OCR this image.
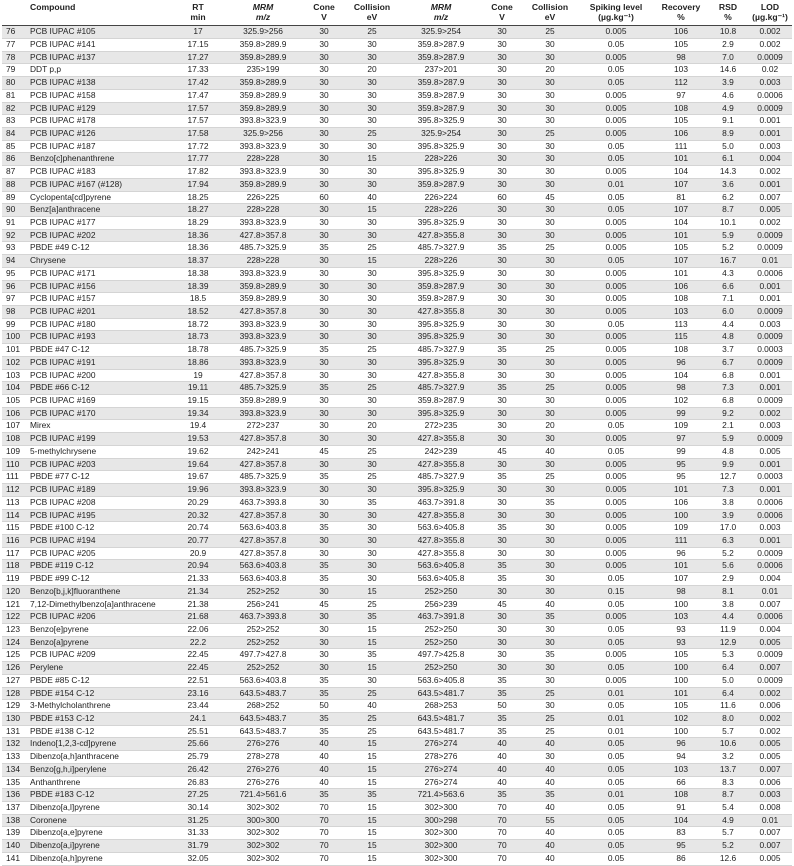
	Compound	RT	MRM	Cone	Collision	MRM	Cone	Collision	Spiking level	Recovery	RSD	LOD
		min	m/z	V	eV	m/z	V	eV	(µg.kg⁻¹)	%	%	(µg.kg⁻¹)
76	PCB IUPAC #105	17	325.9>256	30	25	325.9>254	30	25	0.005	106	10.8	0.002
77	PCB IUPAC #141	17.15	359.8>289.9	30	30	359.8>287.9	30	30	0.05	105	2.9	0.002
78	PCB IUPAC #137	17.27	359.8>289.9	30	30	359.8>287.9	30	30	0.005	98	7.0	0.0009
79	DDT p,p	17.33	235>199	30	20	237>201	30	20	0.05	103	14.6	0.02
80	PCB IUPAC #138	17.42	359.8>289.9	30	30	359.8>287.9	30	30	0.05	112	3.9	0.003
81	PCB IUPAC #158	17.47	359.8>289.9	30	30	359.8>287.9	30	30	0.005	97	4.6	0.0006
82	PCB IUPAC #129	17.57	359.8>289.9	30	30	359.8>287.9	30	30	0.005	108	4.9	0.0009
83	PCB IUPAC #178	17.57	393.8>323.9	30	30	395.8>325.9	30	30	0.005	105	9.1	0.001
84	PCB IUPAC #126	17.58	325.9>256	30	25	325.9>254	30	25	0.005	106	8.9	0.001
85	PCB IUPAC #187	17.72	393.8>323.9	30	30	395.8>325.9	30	30	0.05	111	5.0	0.003
86	Benzo[c]phenanthrene	17.77	228>228	30	15	228>226	30	30	0.05	101	6.1	0.004
87	PCB IUPAC #183	17.82	393.8>323.9	30	30	395.8>325.9	30	30	0.005	104	14.3	0.002
88	PCB IUPAC #167 (#128)	17.94	359.8>289.9	30	30	359.8>287.9	30	30	0.01	107	3.6	0.001
89	Cyclopenta[cd]pyrene	18.25	226>225	60	40	226>224	60	45	0.05	81	6.2	0.007
90	Benz[a]anthracene	18.27	228>228	30	15	228>226	30	30	0.05	107	8.7	0.005
91	PCB IUPAC #177	18.29	393.8>323.9	30	30	395.8>325.9	30	30	0.005	104	10.1	0.002
92	PCB IUPAC #202	18.36	427.8>357.8	30	30	427.8>355.8	30	30	0.005	101	5.9	0.0009
93	PBDE #49 C-12	18.36	485.7>325.9	35	25	485.7>327.9	35	25	0.005	105	5.2	0.0009
94	Chrysene	18.37	228>228	30	15	228>226	30	30	0.05	107	16.7	0.01
95	PCB IUPAC #171	18.38	393.8>323.9	30	30	395.8>325.9	30	30	0.005	101	4.3	0.0006
96	PCB IUPAC #156	18.39	359.8>289.9	30	30	359.8>287.9	30	30	0.005	106	6.6	0.001
97	PCB IUPAC #157	18.5	359.8>289.9	30	30	359.8>287.9	30	30	0.005	108	7.1	0.001
98	PCB IUPAC #201	18.52	427.8>357.8	30	30	427.8>355.8	30	30	0.005	103	6.0	0.0009
99	PCB IUPAC #180	18.72	393.8>323.9	30	30	395.8>325.9	30	30	0.05	113	4.4	0.003
100	PCB IUPAC #193	18.73	393.8>323.9	30	30	395.8>325.9	30	30	0.005	115	4.8	0.0009
101	PBDE #47 C-12	18.78	485.7>325.9	35	25	485.7>327.9	35	25	0.005	108	3.7	0.0003
102	PCB IUPAC #191	18.86	393.8>323.9	30	30	395.8>325.9	30	30	0.005	96	6.7	0.0009
103	PCB IUPAC #200	19	427.8>357.8	30	30	427.8>355.8	30	30	0.005	104	6.8	0.001
104	PBDE #66 C-12	19.11	485.7>325.9	35	25	485.7>327.9	35	25	0.005	98	7.3	0.001
105	PCB IUPAC #169	19.15	359.8>289.9	30	30	359.8>287.9	30	30	0.005	102	6.8	0.0009
106	PCB IUPAC #170	19.34	393.8>323.9	30	30	395.8>325.9	30	30	0.005	99	9.2	0.002
107	Mirex	19.4	272>237	30	20	272>235	30	20	0.05	109	2.1	0.003
108	PCB IUPAC #199	19.53	427.8>357.8	30	30	427.8>355.8	30	30	0.005	97	5.9	0.0009
109	5-methylchrysene	19.62	242>241	45	25	242>239	45	40	0.05	99	4.8	0.005
110	PCB IUPAC #203	19.64	427.8>357.8	30	30	427.8>355.8	30	30	0.005	95	9.9	0.001
111	PBDE #77 C-12	19.67	485.7>325.9	35	25	485.7>327.9	35	25	0.005	95	12.7	0.0003
112	PCB IUPAC #189	19.96	393.8>323.9	30	30	395.8>325.9	30	30	0.005	101	7.3	0.001
113	PCB IUPAC #208	20.29	463.7>393.8	30	35	463.7>391.8	30	35	0.005	106	3.8	0.0006
114	PCB IUPAC #195	20.32	427.8>357.8	30	30	427.8>355.8	30	30	0.005	100	3.9	0.0006
115	PBDE #100 C-12	20.74	563.6>403.8	35	30	563.6>405.8	35	30	0.005	109	17.0	0.003
116	PCB IUPAC #194	20.77	427.8>357.8	30	30	427.8>355.8	30	30	0.005	111	6.3	0.001
117	PCB IUPAC #205	20.9	427.8>357.8	30	30	427.8>355.8	30	30	0.005	96	5.2	0.0009
118	PBDE #119 C-12	20.94	563.6>403.8	35	30	563.6>405.8	35	30	0.005	101	5.6	0.0006
119	PBDE #99 C-12	21.33	563.6>403.8	35	30	563.6>405.8	35	30	0.05	107	2.9	0.004
120	Benzo[b,j,k]fluoranthene	21.34	252>252	30	15	252>250	30	30	0.15	98	8.1	0.01
121	7,12-Dimethylbenzo[a]anthracene	21.38	256>241	45	25	256>239	45	40	0.05	100	3.8	0.007
122	PCB IUPAC #206	21.68	463.7>393.8	30	35	463.7>391.8	30	35	0.005	103	4.4	0.0006
123	Benzo[e]pyrene	22.06	252>252	30	15	252>250	30	30	0.05	93	11.9	0.004
124	Benzo[a]pyrene	22.2	252>252	30	15	252>250	30	30	0.05	93	12.9	0.005
125	PCB IUPAC #209	22.45	497.7>427.8	30	35	497.7>425.8	30	35	0.005	105	5.3	0.0009
126	Perylene	22.45	252>252	30	15	252>250	30	30	0.05	100	6.4	0.007
127	PBDE #85 C-12	22.51	563.6>403.8	35	30	563.6>405.8	35	30	0.005	100	5.0	0.0009
128	PBDE #154 C-12	23.16	643.5>483.7	35	25	643.5>481.7	35	25	0.01	101	6.4	0.002
129	3-Methylcholanthrene	23.44	268>252	50	40	268>253	50	30	0.05	105	11.6	0.006
130	PBDE #153 C-12	24.1	643.5>483.7	35	25	643.5>481.7	35	25	0.01	102	8.0	0.002
131	PBDE #138 C-12	25.51	643.5>483.7	35	25	643.5>481.7	35	25	0.01	100	5.7	0.002
132	Indeno[1,2,3-cd]pyrene	25.66	276>276	40	15	276>274	40	40	0.05	96	10.6	0.005
133	Dibenzo[a,h]anthracene	25.79	278>278	40	15	278>276	40	30	0.05	94	3.2	0.005
134	Benzo[g,h,i]perylene	26.42	276>276	40	15	276>274	40	40	0.05	103	13.7	0.007
135	Anthanthrene	26.83	276>276	40	15	276>274	40	40	0.05	66	8.3	0.006
136	PBDE #183 C-12	27.25	721.4>561.6	35	35	721.4>563.6	35	35	0.01	108	8.7	0.003
137	Dibenzo[a,l]pyrene	30.14	302>302	70	15	302>300	70	40	0.05	91	5.4	0.008
138	Coronene	31.25	300>300	70	15	300>298	70	55	0.05	104	4.9	0.01
139	Dibenzo[a,e]pyrene	31.33	302>302	70	15	302>300	70	40	0.05	83	5.7	0.007
140	Dibenzo[a,i]pyrene	31.79	302>302	70	15	302>300	70	40	0.05	95	5.2	0.007
141	Dibenzo[a,h]pyrene	32.05	302>302	70	15	302>300	70	40	0.05	86	12.6	0.005
